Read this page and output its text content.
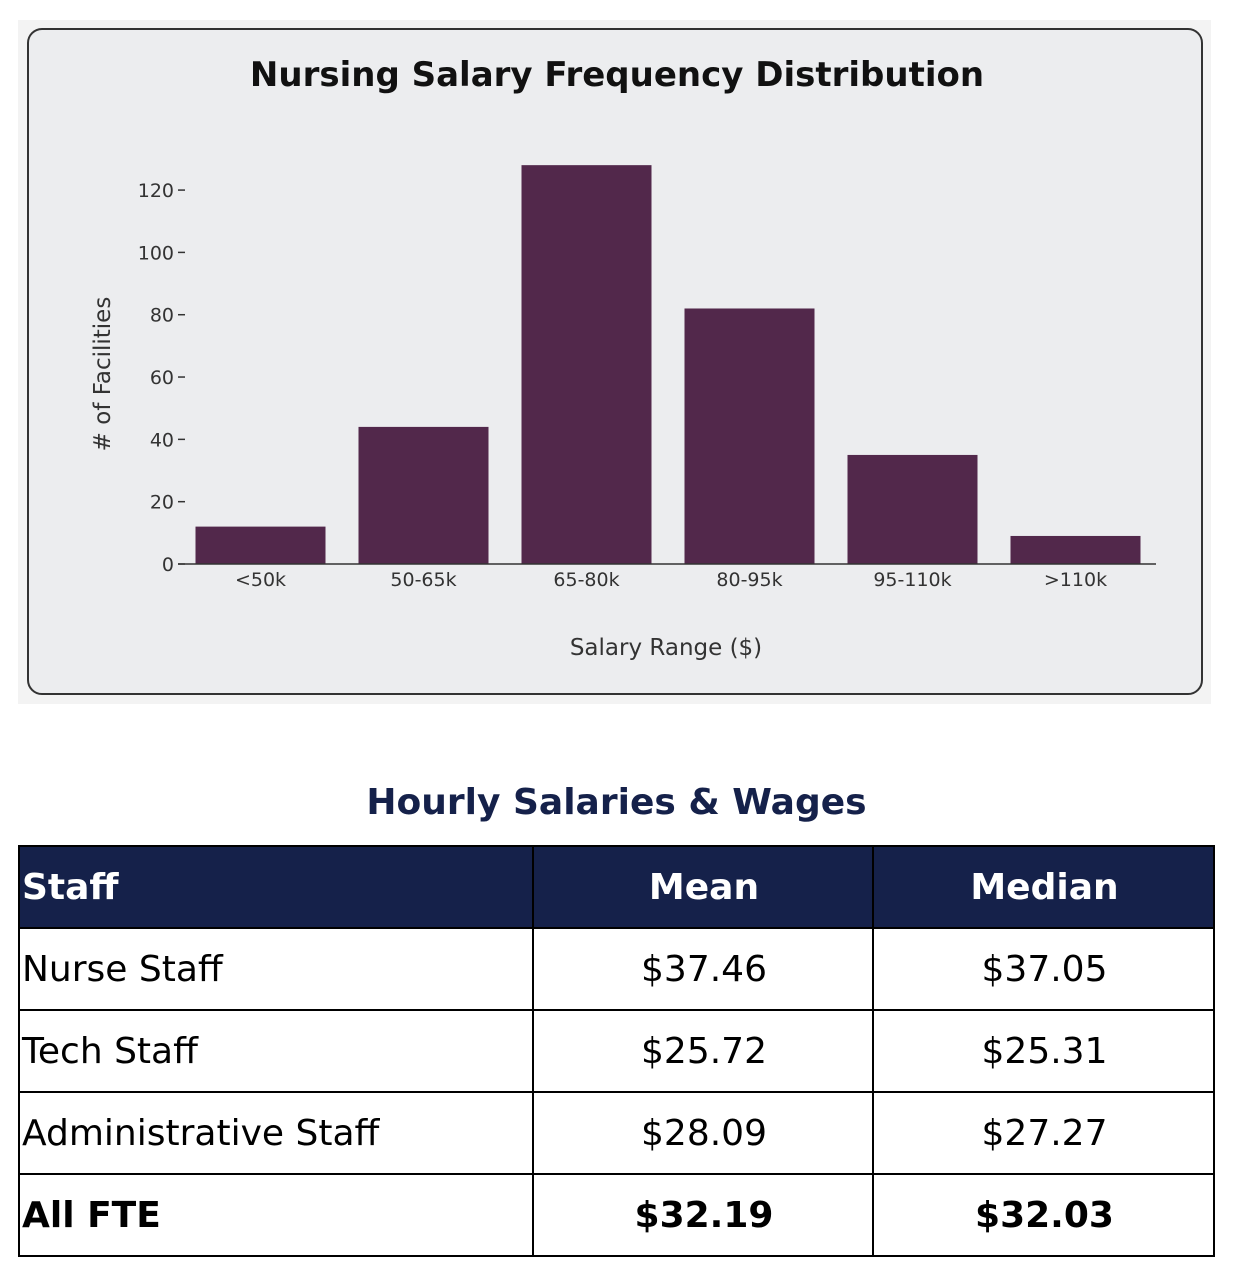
Nursing Salary Frequency Distribution
Salary Range ($)
# of Facilities
0
20
40
60
80
100
120
<50k	50-65k	65-80k	80-95k	95-110k	>110k
Hourly Salaries & Wages
Staff	Mean	Median
Nurse Staff	$37.46	$37.05
Tech Staff	$25.72	$25.31
Administrative Staff	$28.09	$27.27
All FTE	$32.19	$32.03
